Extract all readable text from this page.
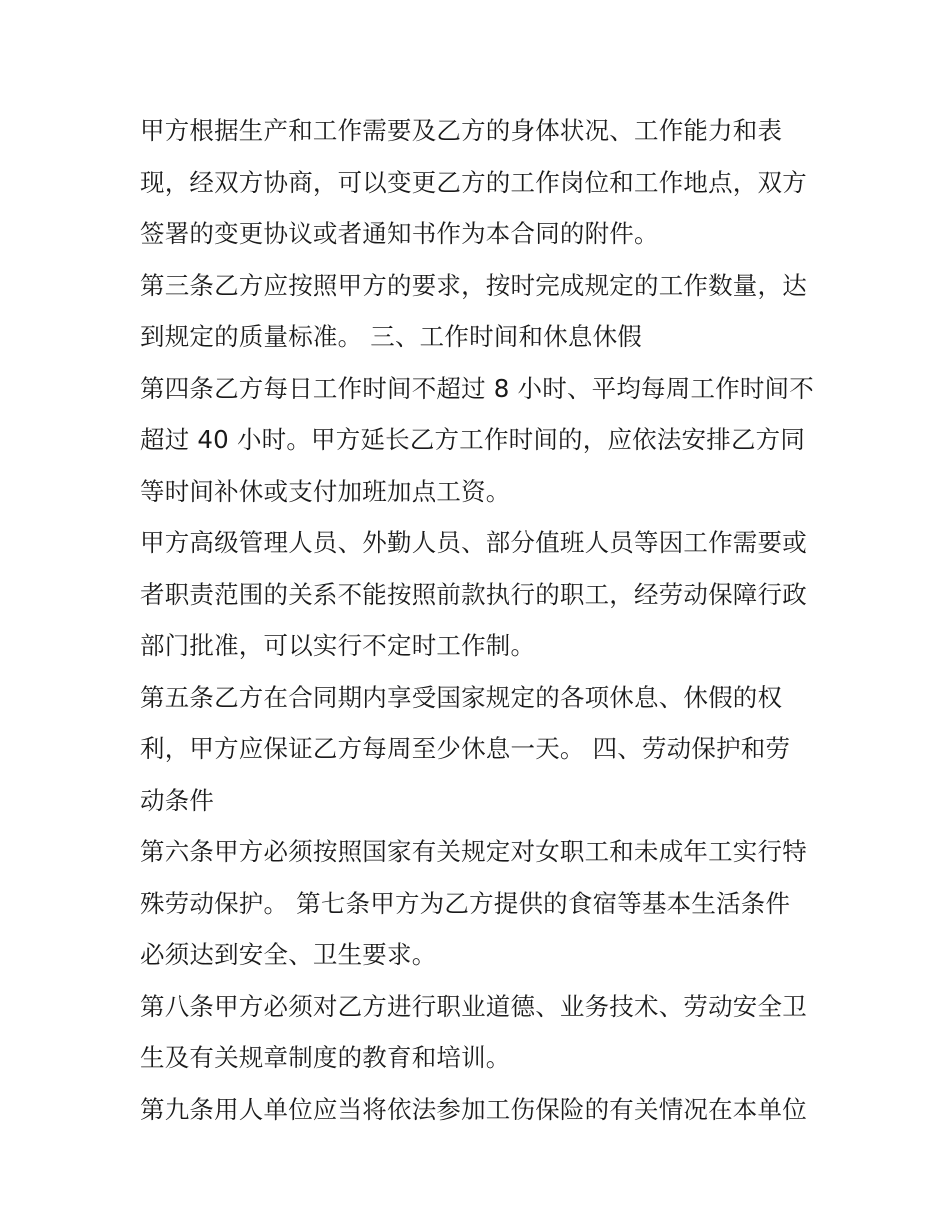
甲方根据生产和工作需要及乙方的身体状况、工作能力和表
现，经双方协商，可以变更乙方的工作岗位和工作地点，双方
签署的变更协议或者通知书作为本合同的附件。
第三条乙方应按照甲方的要求，按时完成规定的工作数量，达
到规定的质量标准。 三、工作时间和休息休假
第四条乙方每日工作时间不超过 8 小时、平均每周工作时间不
超过 40 小时。甲方延长乙方工作时间的，应依法安排乙方同
等时间补休或支付加班加点工资。
甲方高级管理人员、外勤人员、部分值班人员等因工作需要或
者职责范围的关系不能按照前款执行的职工，经劳动保障行政
部门批准，可以实行不定时工作制。
第五条乙方在合同期内享受国家规定的各项休息、休假的权
利，甲方应保证乙方每周至少休息一天。 四、劳动保护和劳
动条件
第六条甲方必须按照国家有关规定对女职工和未成年工实行特
殊劳动保护。 第七条甲方为乙方提供的食宿等基本生活条件
必须达到安全、卫生要求。
第八条甲方必须对乙方进行职业道德、业务技术、劳动安全卫
生及有关规章制度的教育和培训。
第九条用人单位应当将依法参加工伤保险的有关情况在本单位
